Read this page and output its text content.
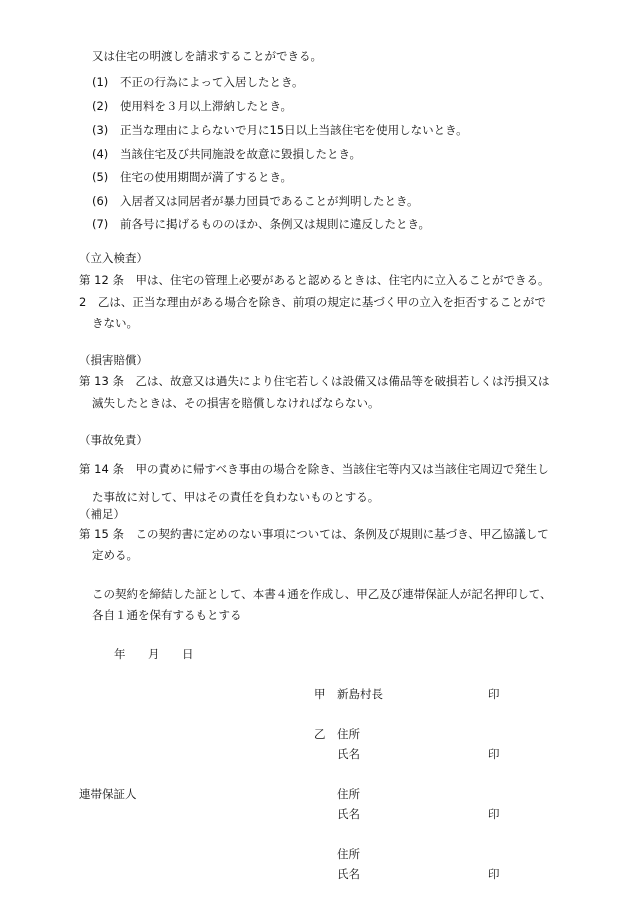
又は住宅の明渡しを請求することができる。
(1) 不正の行為によって入居したとき。
(2) 使用料を３月以上滞納したとき。
(3) 正当な理由によらないで月に15日以上当該住宅を使用しないとき。
(4) 当該住宅及び共同施設を故意に毀損したとき。
(5) 住宅の使用期間が満了するとき。
(6) 入居者又は同居者が暴力団員であることが判明したとき。
(7) 前各号に掲げるもののほか、条例又は規則に違反したとき。
（立入検査）
第 12 条　甲は、住宅の管理上必要があると認めるときは、住宅内に立入ることができる。
2　乙は、正当な理由がある場合を除き、前項の規定に基づく甲の立入を拒否することがで
きない。
（損害賠償）
第 13 条　乙は、故意又は過失により住宅若しくは設備又は備品等を破損若しくは汚損又は
滅失したときは、その損害を賠償しなければならない。
（事故免責）
第 14 条　甲の責めに帰すべき事由の場合を除き、当該住宅等内又は当該住宅周辺で発生し
た事故に対して、甲はその責任を負わないものとする。
（補足）
第 15 条　この契約書に定めのない事項については、条例及び規則に基づき、甲乙協議して
定める。
この契約を締結した証として、本書４通を作成し、甲乙及び連帯保証人が記名押印して、
各自１通を保有するもとする
年 月 日
甲 新島村長	印
乙 住所
氏名	印
連帯保証人	住所
氏名	印
住所
氏名	印
